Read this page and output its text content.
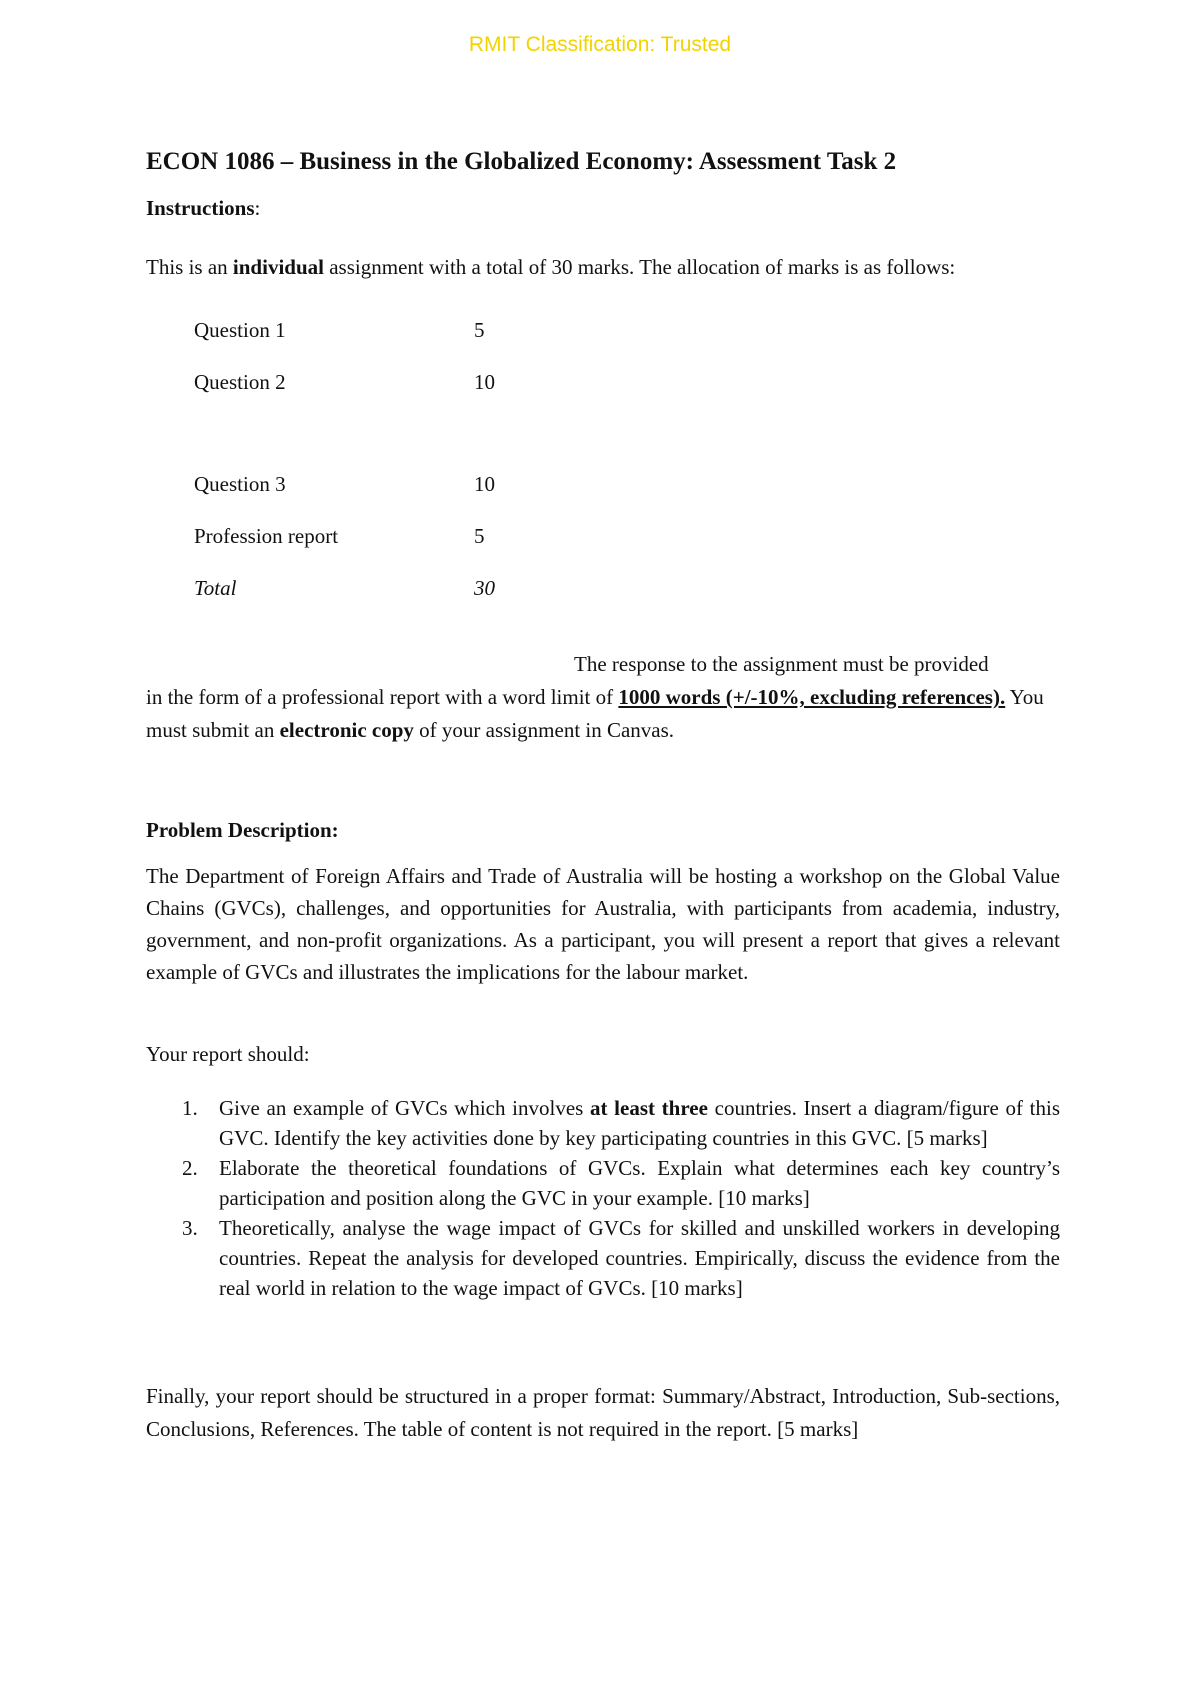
RMIT Classification: Trusted
ECON 1086 – Business in the Globalized Economy: Assessment Task 2
Instructions:
This is an individual assignment with a total of 30 marks. The allocation of marks is as follows:
Question 1	5
Question 2	10
Question 3	10
Profession report	5
Total	30
The response to the assignment must be provided
in the form of a professional report with a word limit of 1000 words (+/-10%, excluding references). You must submit an electronic copy of your assignment in Canvas.
Problem Description:
The Department of Foreign Affairs and Trade of Australia will be hosting a workshop on the Global Value Chains (GVCs), challenges, and opportunities for Australia, with participants from academia, industry, government, and non-profit organizations. As a participant, you will present a report that gives a relevant example of GVCs and illustrates the implications for the labour market.
Your report should:
1. Give an example of GVCs which involves at least three countries. Insert a diagram/figure of this GVC. Identify the key activities done by key participating countries in this GVC. [5 marks]
2. Elaborate the theoretical foundations of GVCs. Explain what determines each key country’s participation and position along the GVC in your example. [10 marks]
3. Theoretically, analyse the wage impact of GVCs for skilled and unskilled workers in developing countries. Repeat the analysis for developed countries. Empirically, discuss the evidence from the real world in relation to the wage impact of GVCs. [10 marks]
Finally, your report should be structured in a proper format: Summary/Abstract, Introduction, Sub-sections, Conclusions, References. The table of content is not required in the report. [5 marks]
